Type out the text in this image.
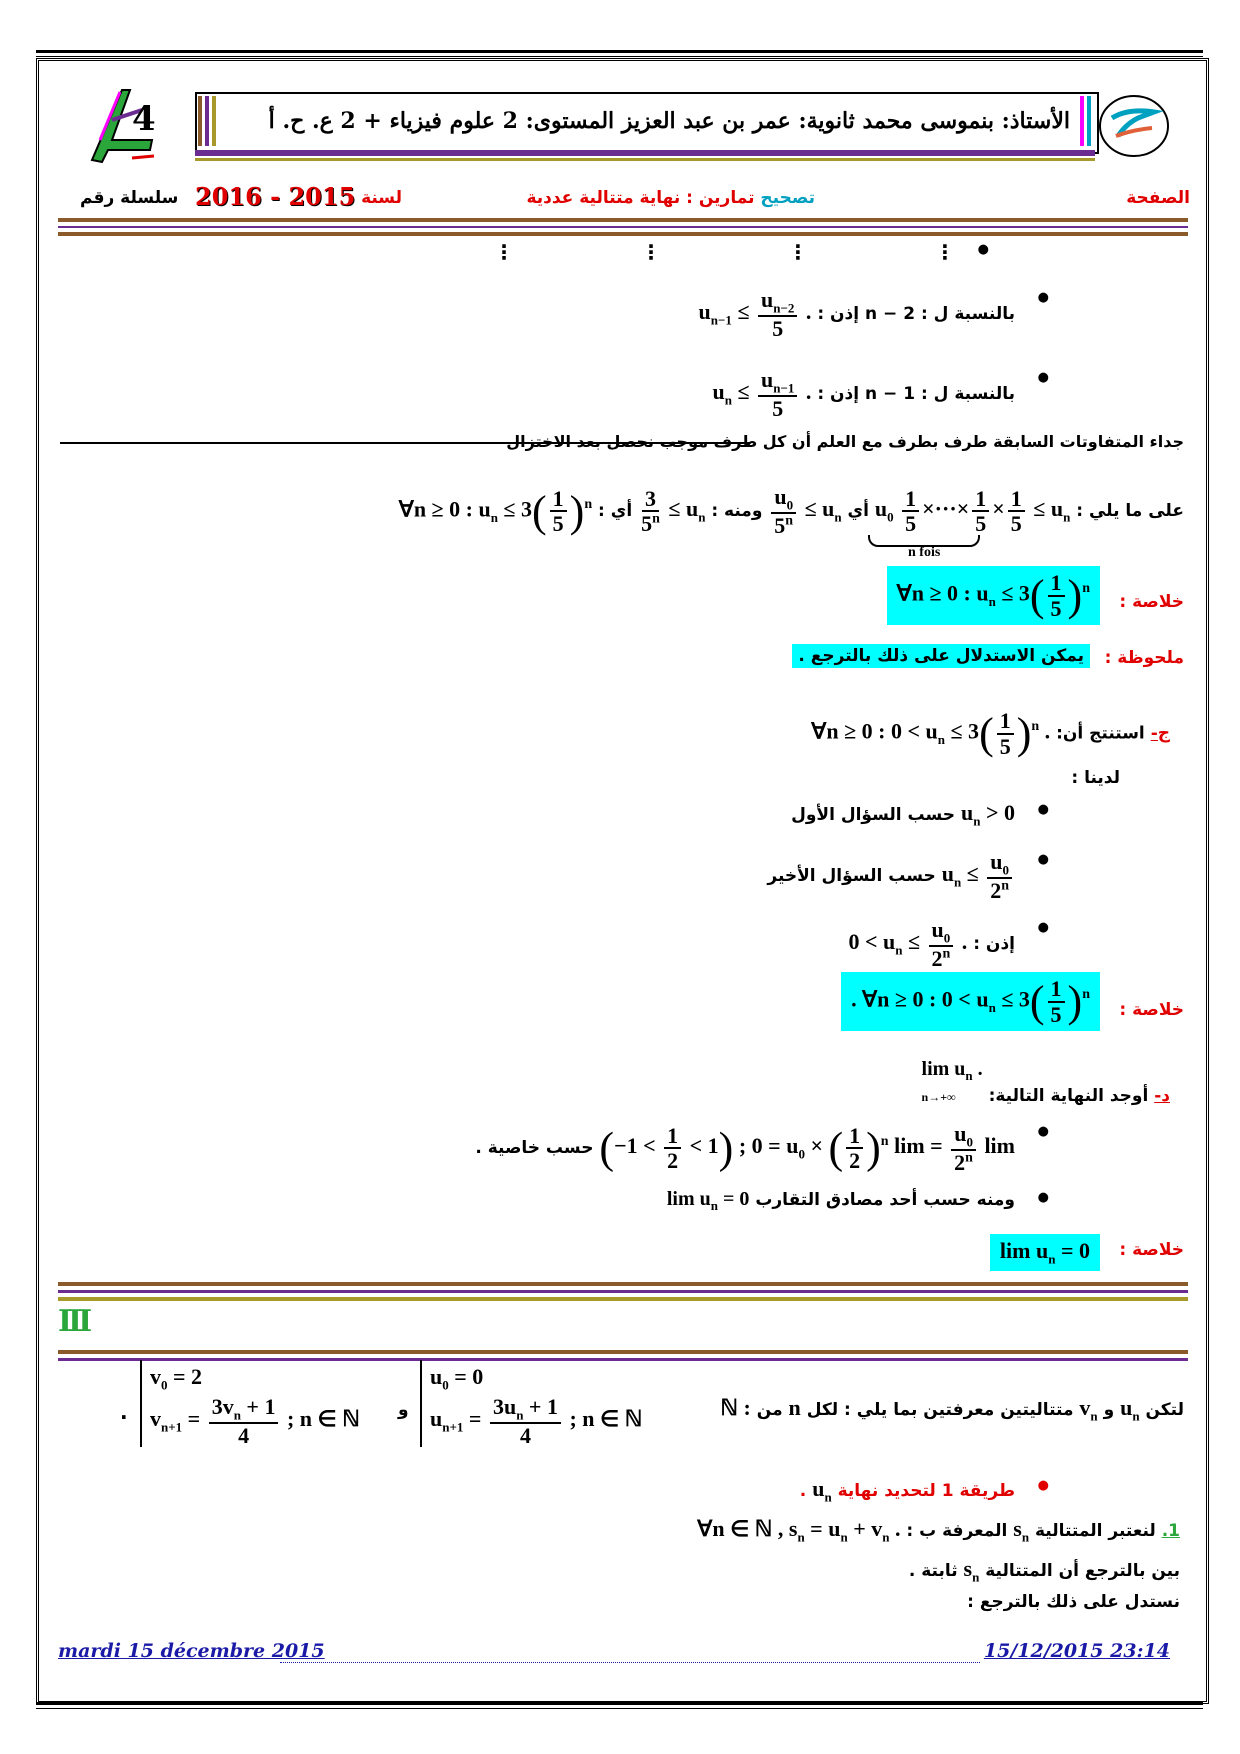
4	الأستاذ: بنموسى محمد ثانوية: عمر بن عبد العزيز المستوى: 2 علوم فيزياء + 2 ع. ح. أ
الصفحة
تصحيح تمارين : نهاية متتالية عددية
لسنة
2016 - 2015
سلسلة رقم
⋮ ⋮ ⋮ ⋮ ●
بالنسبة ل : n − 2 إذن : $u_{n-1} \le \frac{u_{n-2}}{5}$ . ●
بالنسبة ل : n − 1 إذن : $u_n \le \frac{u_{n-1}}{5}$ . ●
جداء المتفاوتات السابقة طرف بطرف مع العلم أن كل طرف موجب نحصل بعد الاختزال
على ما يلي : $u_0 \frac{1}{5}$ ×···× $\frac{1}{5} \times \frac{1}{5} \le u_n$ أي
$\frac{u_0}{5^n} \le u_n$ ومنه :
$\frac{3}{5^n} \le u_n$ أي : ∀n ≥ 0 : $u_n \le 3( \frac{1}{5} )^n$
n fois
خلاصة :
∀n ≥ 0 : $u_n \le 3( \frac{1}{5} )^n$
ملحوظة :
يمكن الاستدلال على ذلك بالترجع .
ج- استنتج أن: ∀n ≥ 0 : $0 < u_n \le 3( \frac{1}{5} )^n$ .
لدينا :
$u_n > 0$ حسب السؤال الأول ●
$u_n \le \frac{u_0}{2^n}$
حسب السؤال الأخير ●
إذن : $0 < u_n \le \frac{u_0}{2^n}$ . ●
خلاصة :
. ∀n ≥ 0 : $0 < u_n \le 3( \frac{1}{5} )^n$
د- أوجد النهاية التالية: $\lim u_n$ .
n→+∞
$(-1 < \frac{1}{2} < 1)$ ; $0 = u_0$ × ( $\frac{1}{2} )^n$ $\lim = \frac{u_0}{2^n}$ lim حسب خاصية . ●
ومنه حسب أحد مصادق التقارب $\lim u_n = 0$ ●
خلاصة :
$\lim u_n = 0$
III
لتكن $u_n$ و $v_n$ متتاليتين معرفتين بما يلي : لكل n من ℕ :
$u_0 = 0$
$u_{n+1} = \frac{3u_n + 1}{4}$ ; n ∈ ℕ
$v_0 = 2$
$v_{n+1} = \frac{3v_n + 1}{4}$ ; n ∈ ℕ و
.
طريقة 1 لتحديد نهاية $u_n$ . ●
1. لنعتبر المتتالية $s_n$ المعرفة ب : ∀n ∈ ℕ , $s_n = u_n + v_n$ .
بين بالترجع أن المتتالية $s_n$ ثابتة .
نستدل على ذلك بالترجع :
mardi 15 décembre 2015	15/12/2015 23:14
